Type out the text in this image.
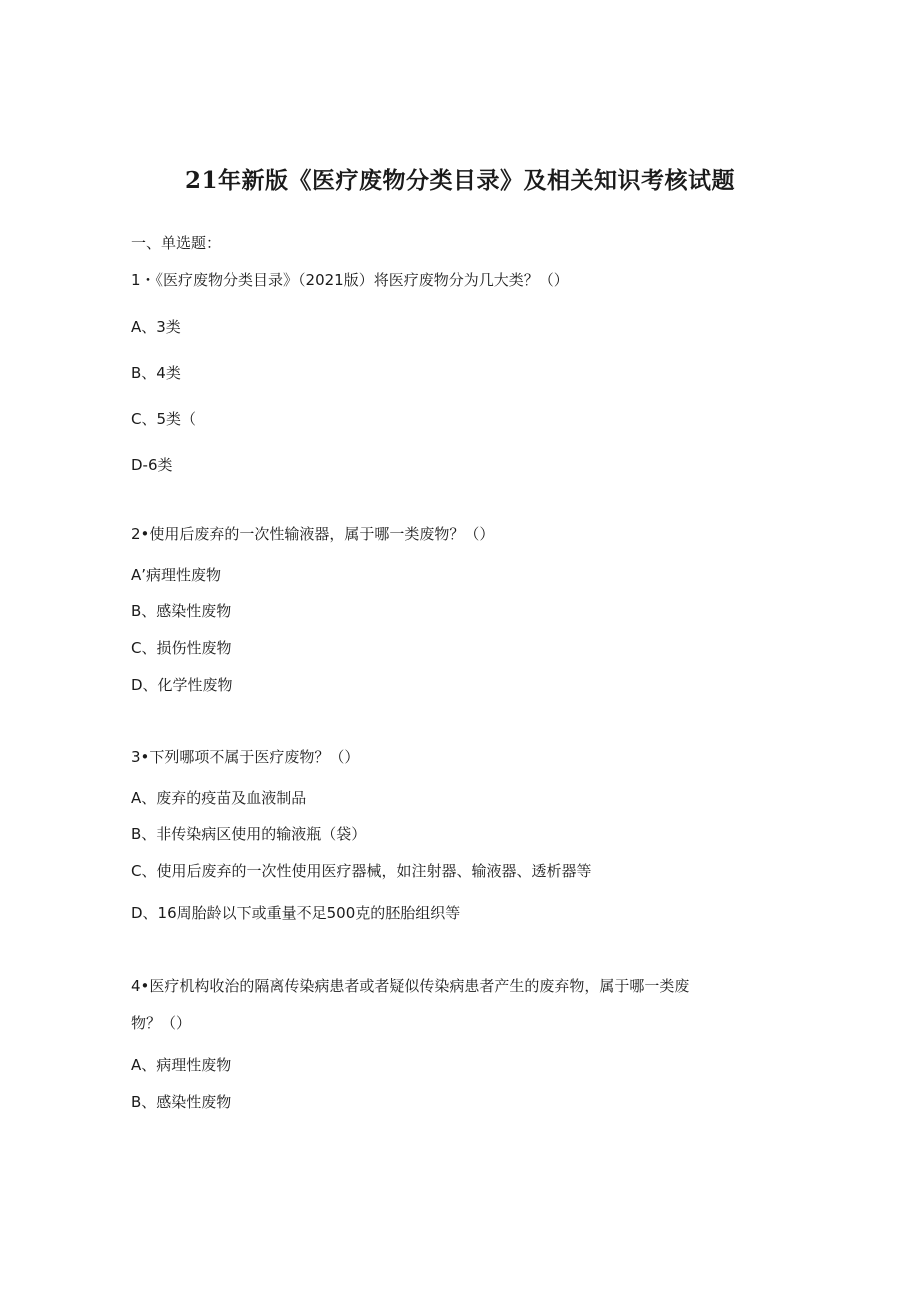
21年新版《医疗废物分类目录》及相关知识考核试题

一、单选题：

1・《医疗废物分类目录》（2021版）将医疗废物分为几大类？（）

A、3类

B、4类

C、5类（

D-6类

2•使用后废弃的一次性输液器，属于哪一类废物？（）

A’病理性废物

B、感染性废物

C、损伤性废物

D、化学性废物

3•下列哪项不属于医疗废物？（）

A、废弃的疫苗及血液制品

B、非传染病区使用的输液瓶（袋）

C、使用后废弃的一次性使用医疗器械，如注射器、输液器、透析器等

D、16周胎龄以下或重量不足500克的胚胎组织等

4•医疗机构收治的隔离传染病患者或者疑似传染病患者产生的废弃物，属于哪一类废

物？（）

A、病理性废物

B、感染性废物
